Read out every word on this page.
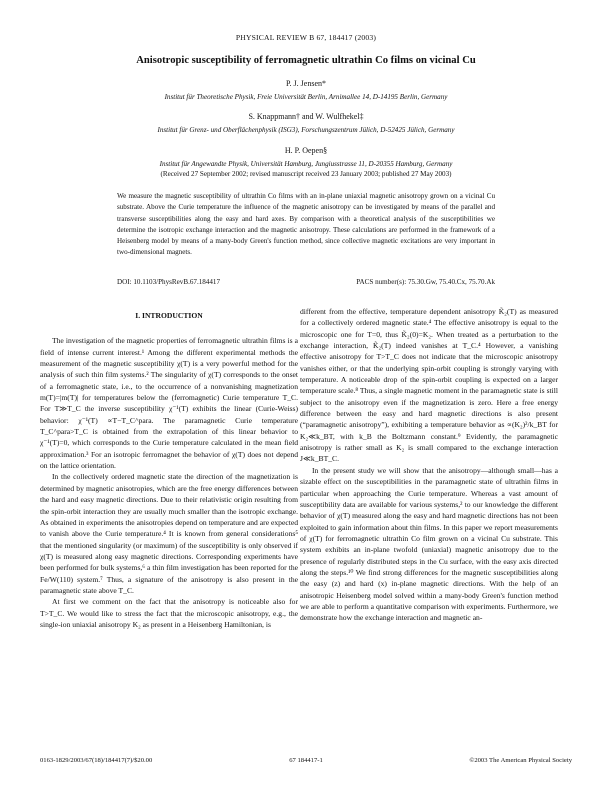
PHYSICAL REVIEW B 67, 184417 (2003)
Anisotropic susceptibility of ferromagnetic ultrathin Co films on vicinal Cu
P. J. Jensen*
Institut für Theoretische Physik, Freie Universität Berlin, Arnimallee 14, D-14195 Berlin, Germany
S. Knappmann† and W. Wulfhekel‡
Institut für Grenz- und Oberflächenphysik (ISG3), Forschungszentrum Jülich, D-52425 Jülich, Germany
H. P. Oepen§
Institut für Angewandte Physik, Universität Hamburg, Jungiusstrasse 11, D-20355 Hamburg, Germany
(Received 27 September 2002; revised manuscript received 23 January 2003; published 27 May 2003)
We measure the magnetic susceptibility of ultrathin Co films with an in-plane uniaxial magnetic anisotropy grown on a vicinal Cu substrate. Above the Curie temperature the influence of the magnetic anisotropy can be investigated by means of the parallel and transverse susceptibilities along the easy and hard axes. By comparison with a theoretical analysis of the susceptibilities we determine the isotropic exchange interaction and the magnetic anisotropy. These calculations are performed in the framework of a Heisenberg model by means of a many-body Green's function method, since collective magnetic excitations are very important in two-dimensional magnets.
DOI: 10.1103/PhysRevB.67.184417	PACS number(s): 75.30.Gw, 75.40.Cx, 75.70.Ak
I. INTRODUCTION

The investigation of the magnetic properties of ferromagnetic ultrathin films is a field of intense current interest.¹ Among the different experimental methods the measurement of the magnetic susceptibility χ(T) is a very powerful method for the analysis of such thin film systems.² The singularity of χ(T) corresponds to the onset of a ferromagnetic state, i.e., to the occurrence of a nonvanishing magnetization m(T)=|m(T)| for temperatures below the (ferromagnetic) Curie temperature T_C. For T≫T_C the inverse susceptibility χ⁻¹(T) exhibits the linear (Curie-Weiss) behavior: χ⁻¹(T) ∝T−T_C^para. The paramagnetic Curie temperature T_C^para>T_C is obtained from the extrapolation of this linear behavior to χ⁻¹(T)=0, which corresponds to the Curie temperature calculated in the mean field approximation.³ For an isotropic ferromagnet the behavior of χ(T) does not depend on the lattice orientation.

In the collectively ordered magnetic state the direction of the magnetization is determined by magnetic anisotropies, which are the free energy differences between the hard and easy magnetic directions. Due to their relativistic origin resulting from the spin-orbit interaction they are usually much smaller than the isotropic exchange. As obtained in experiments the anisotropies depend on temperature and are expected to vanish above the Curie temperature.⁴ It is known from general considerations⁵ that the mentioned singularity (or maximum) of the susceptibility is only observed if χ(T) is measured along easy magnetic directions. Corresponding experiments have been performed for bulk systems,⁶ a thin film investigation has been reported for the Fe/W(110) system.⁷ Thus, a signature of the anisotropy is also present in the paramagnetic state above T_C.

At first we comment on the fact that the anisotropy is noticeable also for T>T_C. We would like to stress the fact that the microscopic anisotropy, e.g., the single-ion uniaxial anisotropy K₂ as present in a Heisenberg Hamiltonian, is

different from the effective, temperature dependent anisotropy K̃₂(T) as measured for a collectively ordered magnetic state.⁴ The effective anisotropy is equal to the microscopic one for T=0, thus K̃₂(0)=K₂. When treated as a perturbation to the exchange interaction, K̃₂(T) indeed vanishes at T_C.⁴ However, a vanishing effective anisotropy for T>T_C does not indicate that the microscopic anisotropy vanishes either, or that the underlying spin-orbit coupling is strongly varying with temperature. A noticeable drop of the spin-orbit coupling is expected on a larger temperature scale.⁸ Thus, a single magnetic moment in the paramagnetic state is still subject to the anisotropy even if the magnetization is zero. Here a free energy difference between the easy and hard magnetic directions is also present (“paramagnetic anisotropy”), exhibiting a temperature behavior as ∝(K₂)²/k_BT for K₂≪k_BT, with k_B the Boltzmann constant.⁹ Evidently, the paramagnetic anisotropy is rather small as K₂ is small compared to the exchange interaction J≪k_BT_C.

In the present study we will show that the anisotropy—although small—has a sizable effect on the susceptibilities in the paramagnetic state of ultrathin films in particular when approaching the Curie temperature. Whereas a vast amount of susceptibility data are available for various systems,² to our knowledge the different behavior of χ(T) measured along the easy and hard magnetic directions has not been exploited to gain information about thin films. In this paper we report measurements of χ(T) for ferromagnetic ultrathin Co film grown on a vicinal Cu substrate. This system exhibits an in-plane twofold (uniaxial) magnetic anisotropy due to the presence of regularly distributed steps in the Cu surface, with the easy axis directed along the steps.¹⁰ We find strong differences for the magnetic susceptibilities along the easy (z) and hard (x) in-plane magnetic directions. With the help of an anisotropic Heisenberg model solved within a many-body Green's function method we are able to perform a quantitative comparison with experiments. Furthermore, we demonstrate how the exchange interaction and magnetic an-

0163-1829/2003/67(18)/184417(7)/$20.00	67 184417-1	©2003 The American Physical Society
